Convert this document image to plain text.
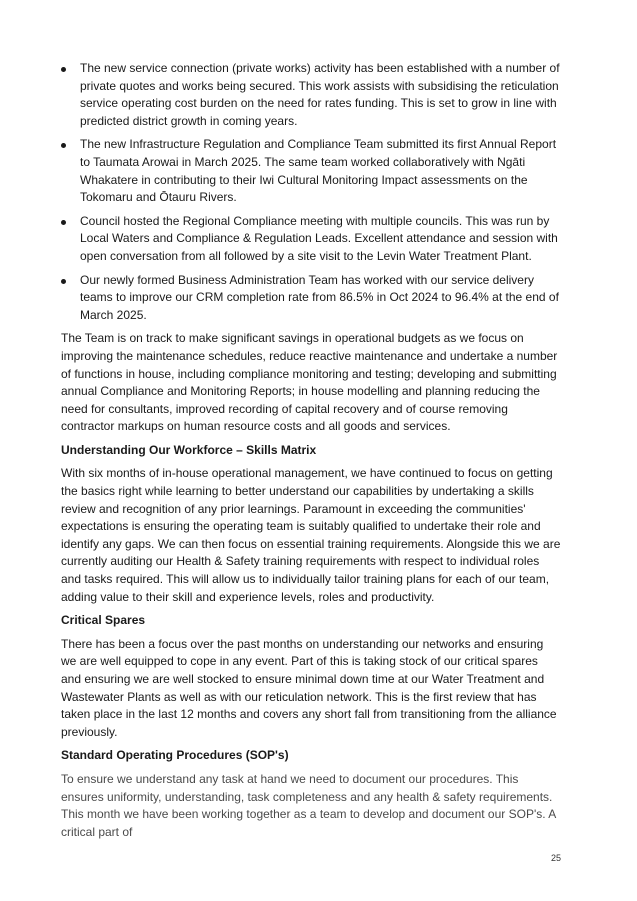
The new service connection (private works) activity has been established with a number of private quotes and works being secured. This work assists with subsidising the reticulation service operating cost burden on the need for rates funding. This is set to grow in line with predicted district growth in coming years.
The new Infrastructure Regulation and Compliance Team submitted its first Annual Report to Taumata Arowai in March 2025. The same team worked collaboratively with Ngāti Whakatere in contributing to their Iwi Cultural Monitoring Impact assessments on the Tokomaru and Ōtauru Rivers.
Council hosted the Regional Compliance meeting with multiple councils. This was run by Local Waters and Compliance & Regulation Leads. Excellent attendance and session with open conversation from all followed by a site visit to the Levin Water Treatment Plant.
Our newly formed Business Administration Team has worked with our service delivery teams to improve our CRM completion rate from 86.5% in Oct 2024 to 96.4% at the end of March 2025.

The Team is on track to make significant savings in operational budgets as we focus on improving the maintenance schedules, reduce reactive maintenance and undertake a number of functions in house, including compliance monitoring and testing; developing and submitting annual Compliance and Monitoring Reports; in house modelling and planning reducing the need for consultants, improved recording of capital recovery and of course removing contractor markups on human resource costs and all goods and services.

Understanding Our Workforce – Skills Matrix

With six months of in-house operational management, we have continued to focus on getting the basics right while learning to better understand our capabilities by undertaking a skills review and recognition of any prior learnings. Paramount in exceeding the communities' expectations is ensuring the operating team is suitably qualified to undertake their role and identify any gaps. We can then focus on essential training requirements. Alongside this we are currently auditing our Health & Safety training requirements with respect to individual roles and tasks required. This will allow us to individually tailor training plans for each of our team, adding value to their skill and experience levels, roles and productivity.

Critical Spares

There has been a focus over the past months on understanding our networks and ensuring we are well equipped to cope in any event. Part of this is taking stock of our critical spares and ensuring we are well stocked to ensure minimal down time at our Water Treatment and Wastewater Plants as well as with our reticulation network. This is the first review that has taken place in the last 12 months and covers any short fall from transitioning from the alliance previously.

Standard Operating Procedures (SOP's)

To ensure we understand any task at hand we need to document our procedures. This ensures uniformity, understanding, task completeness and any health & safety requirements. This month we have been working together as a team to develop and document our SOP's. A critical part of

25
